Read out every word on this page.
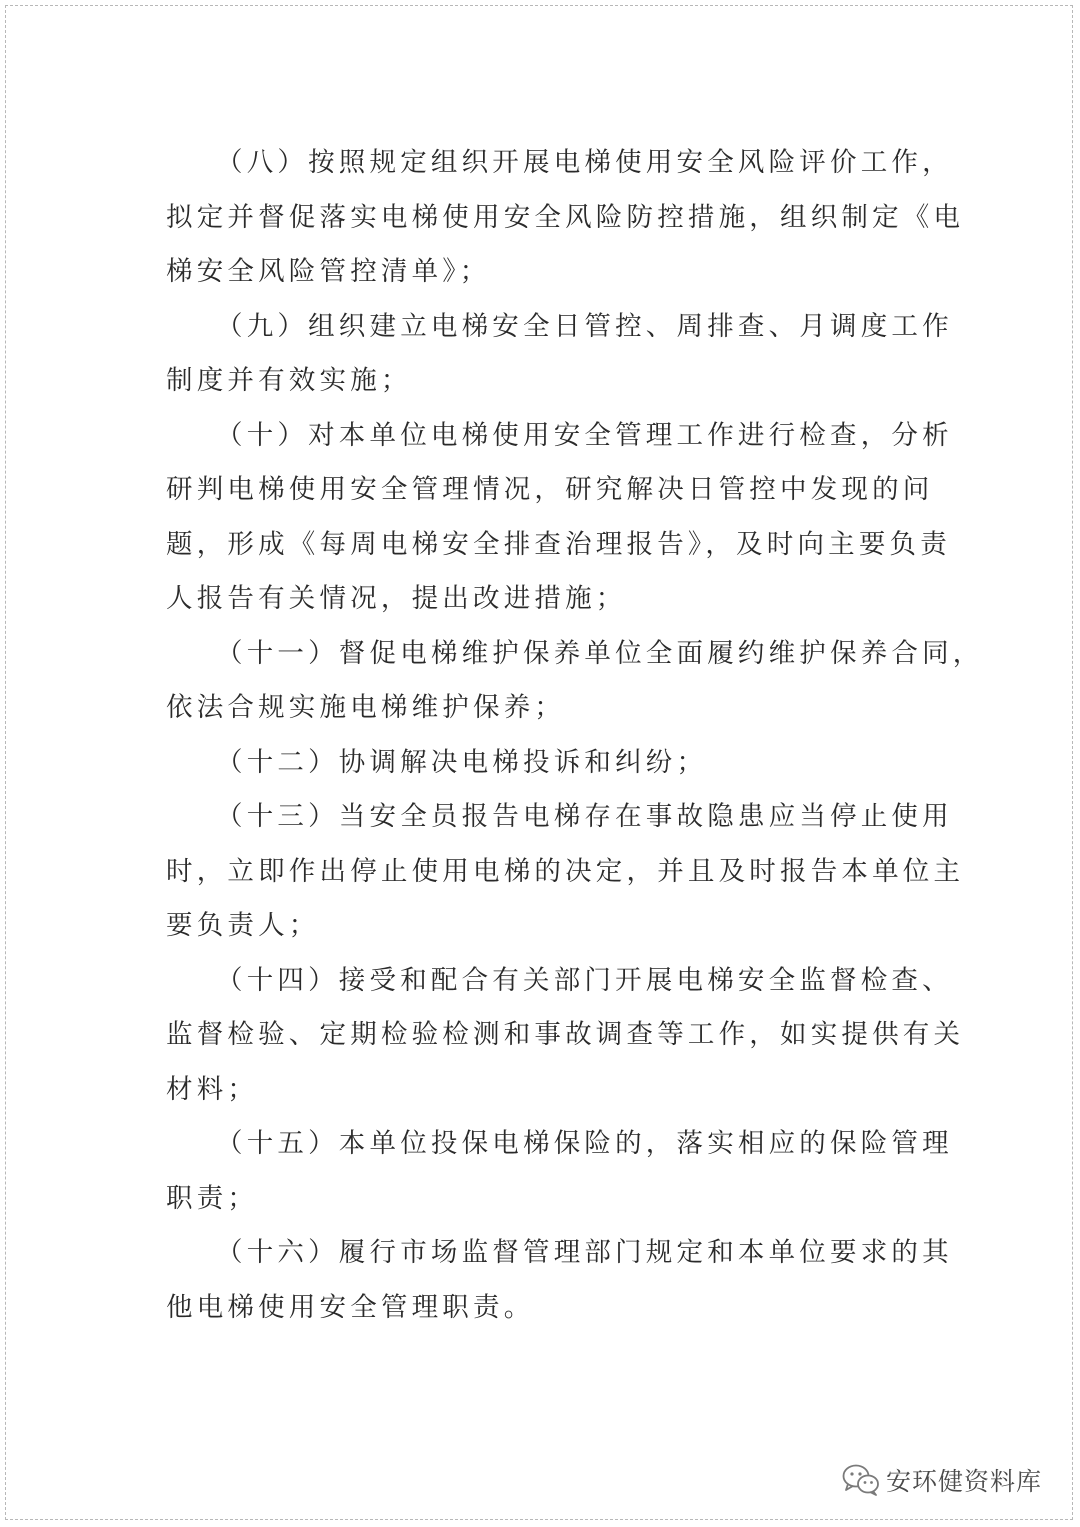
（八）按照规定组织开展电梯使用安全风险评价工作，
拟定并督促落实电梯使用安全风险防控措施，组织制定《电
梯安全风险管控清单》；
（九）组织建立电梯安全日管控、周排查、月调度工作
制度并有效实施；
（十）对本单位电梯使用安全管理工作进行检查，分析
研判电梯使用安全管理情况，研究解决日管控中发现的问
题，形成《每周电梯安全排查治理报告》，及时向主要负责
人报告有关情况，提出改进措施；
（十一）督促电梯维护保养单位全面履约维护保养合同，
依法合规实施电梯维护保养；
（十二）协调解决电梯投诉和纠纷；
（十三）当安全员报告电梯存在事故隐患应当停止使用
时，立即作出停止使用电梯的决定，并且及时报告本单位主
要负责人；
（十四）接受和配合有关部门开展电梯安全监督检查、
监督检验、定期检验检测和事故调查等工作，如实提供有关
材料；
（十五）本单位投保电梯保险的，落实相应的保险管理
职责；
（十六）履行市场监督管理部门规定和本单位要求的其
他电梯使用安全管理职责。
安环健资料库
